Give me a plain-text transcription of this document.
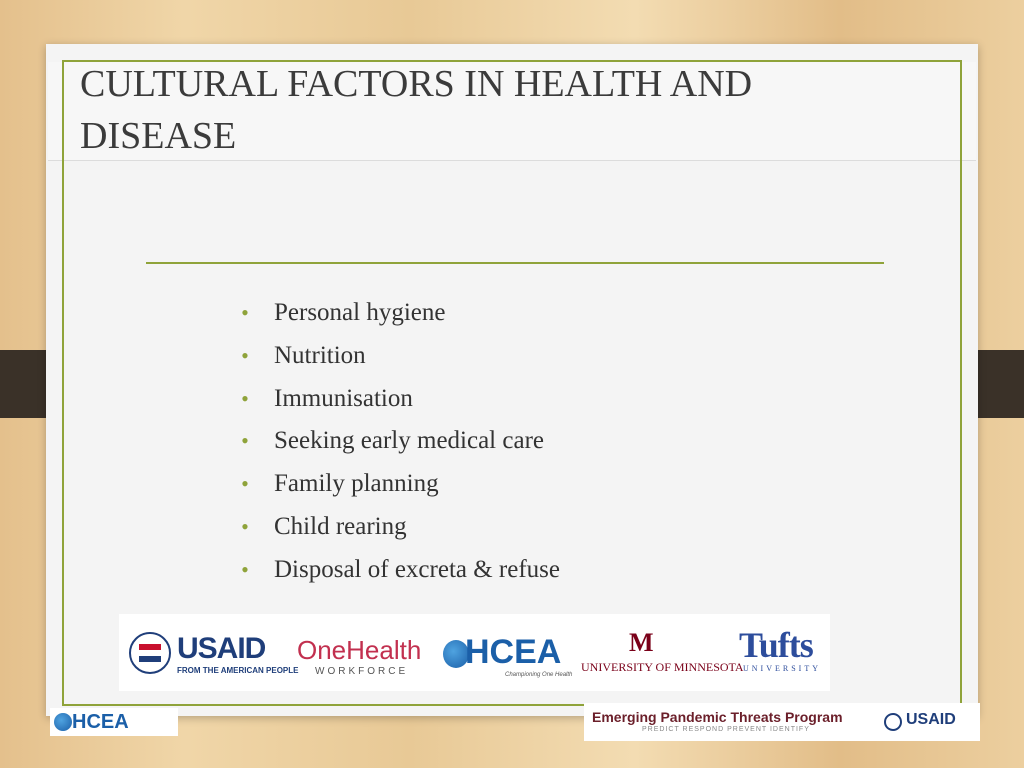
CULTURAL FACTORS IN HEALTH AND DISEASE
• Personal hygiene
• Nutrition
• Immunisation
• Seeking early medical care
• Family planning
• Child rearing
• Disposal of excreta & refuse
USAID
FROM THE AMERICAN PEOPLE
OneHealth
WORKFORCE
HCEA
Championing One Health
M
UNIVERSITY OF MINNESOTA
Tufts
UNIVERSITY
HCEA	Emerging Pandemic Threats Program
PREDICT RESPOND PREVENT IDENTIFY
USAID
